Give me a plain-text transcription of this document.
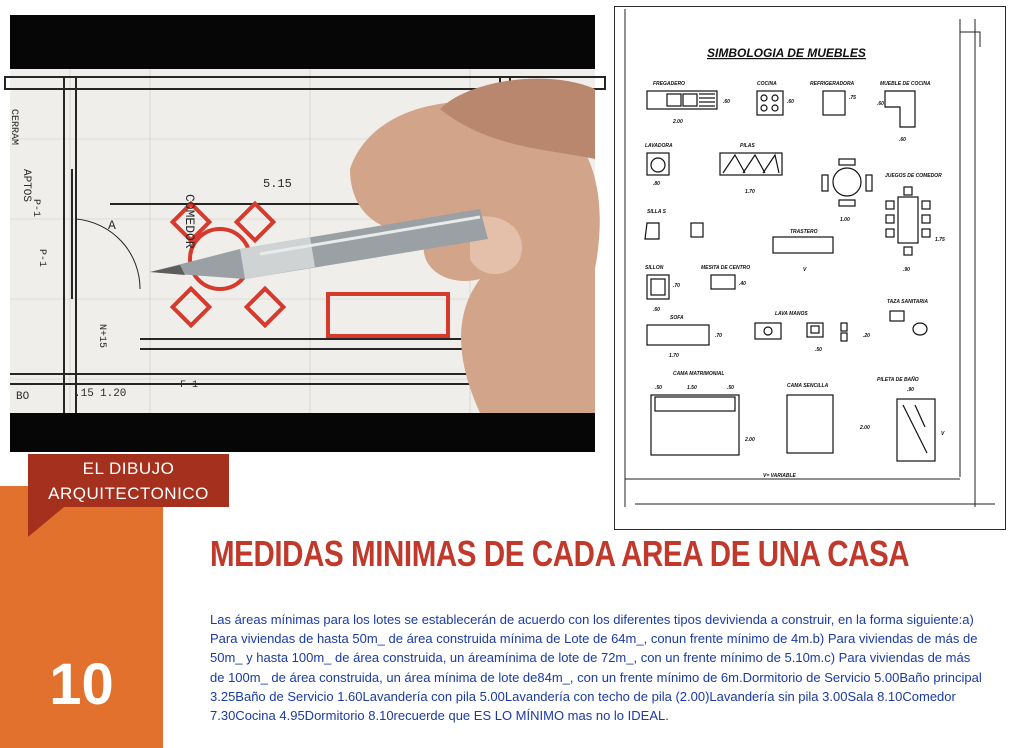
10
5.15
APTOS
CERRAM
P-1
P-1
COMEDOR
N+15
1.20
BO	.15
F-1
A
EL DIBUJO
ARQUITECTONICO
SIMBOLOGIA DE MUEBLES
FREGADERO	COCINA	REFRIGERADORA	MUEBLE DE COCINA
LAVADORA	PILAS
JUEGOS DE COMEDOR
SILLA S
TRASTERO
SILLON	MESITA DE CENTRO
LAVA MANOS
TAZA SANITARIA
SOFA
CAMA MATRIMONIAL
CAMA SENCILLA
PILETA DE BAÑO
V= VARIABLE
2.00
.60	.60
.75
.60
.60
.80
1.70
1.00
1.75
.90
.70	.40
.60
.70
1.70
.50
.50	1.50	.50
2.00
2.00
.90
V
.20
V
MEDIDAS MINIMAS DE CADA AREA DE UNA CASA
Las áreas mínimas para los lotes se establecerán de acuerdo con los diferentes tipos devivienda a construir, en la forma siguiente:a) Para viviendas de hasta 50m_ de área construida mínima de Lote de 64m_, conun frente mínimo de 4m.b) Para viviendas de más de 50m_ y hasta 100m_ de área construida, un áreamínima de lote de 72m_, con un frente mínimo de 5.10m.c) Para viviendas de más de 100m_ de área construida, un área mínima de lote de84m_, con un frente mínimo de 6m.Dormitorio de Servicio 5.00Baño principal 3.25Baño de Servicio 1.60Lavandería con pila 5.00Lavandería con techo de pila (2.00)Lavandería sin pila 3.00Sala 8.10Comedor 7.30Cocina 4.95Dormitorio 8.10recuerde que ES LO MÍNIMO mas no lo IDEAL.
